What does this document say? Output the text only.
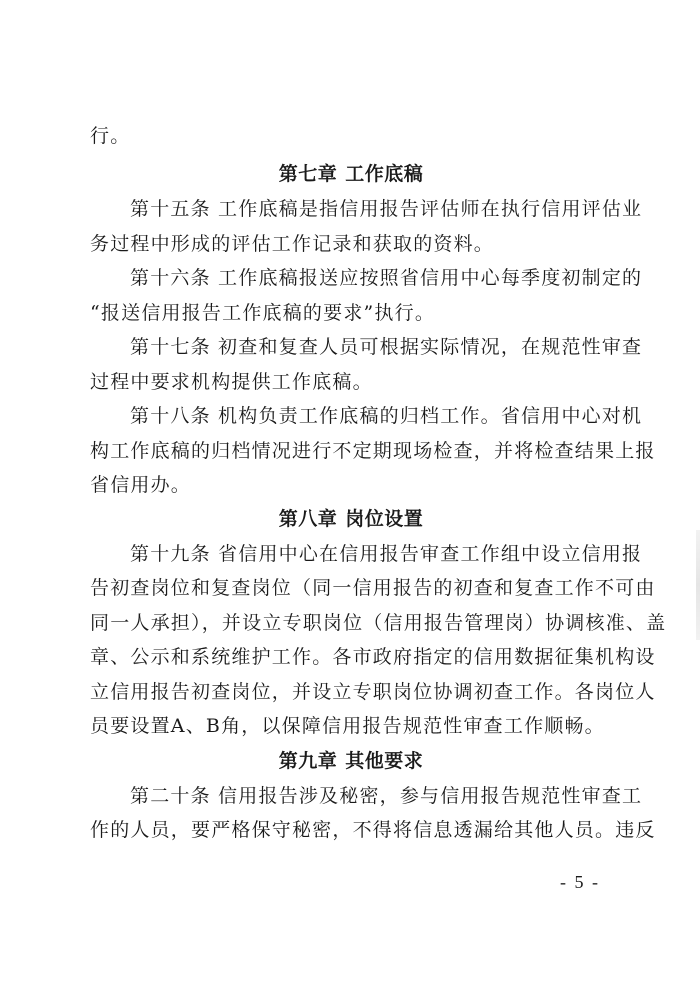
行。
第七章 工作底稿
第十五条 工作底稿是指信用报告评估师在执行信用评估业
务过程中形成的评估工作记录和获取的资料。
第十六条 工作底稿报送应按照省信用中心每季度初制定的
“报送信用报告工作底稿的要求”执行。
第十七条 初查和复查人员可根据实际情况，在规范性审查
过程中要求机构提供工作底稿。
第十八条 机构负责工作底稿的归档工作。省信用中心对机
构工作底稿的归档情况进行不定期现场检查，并将检查结果上报
省信用办。
第八章 岗位设置
第十九条 省信用中心在信用报告审查工作组中设立信用报
告初查岗位和复查岗位（同一信用报告的初查和复查工作不可由
同一人承担），并设立专职岗位（信用报告管理岗）协调核准、盖
章、公示和系统维护工作。各市政府指定的信用数据征集机构设
立信用报告初查岗位，并设立专职岗位协调初查工作。各岗位人
员要设置A、B角，以保障信用报告规范性审查工作顺畅。
第九章 其他要求
第二十条 信用报告涉及秘密，参与信用报告规范性审查工
作的人员，要严格保守秘密，不得将信息透漏给其他人员。违反
- 5 -
